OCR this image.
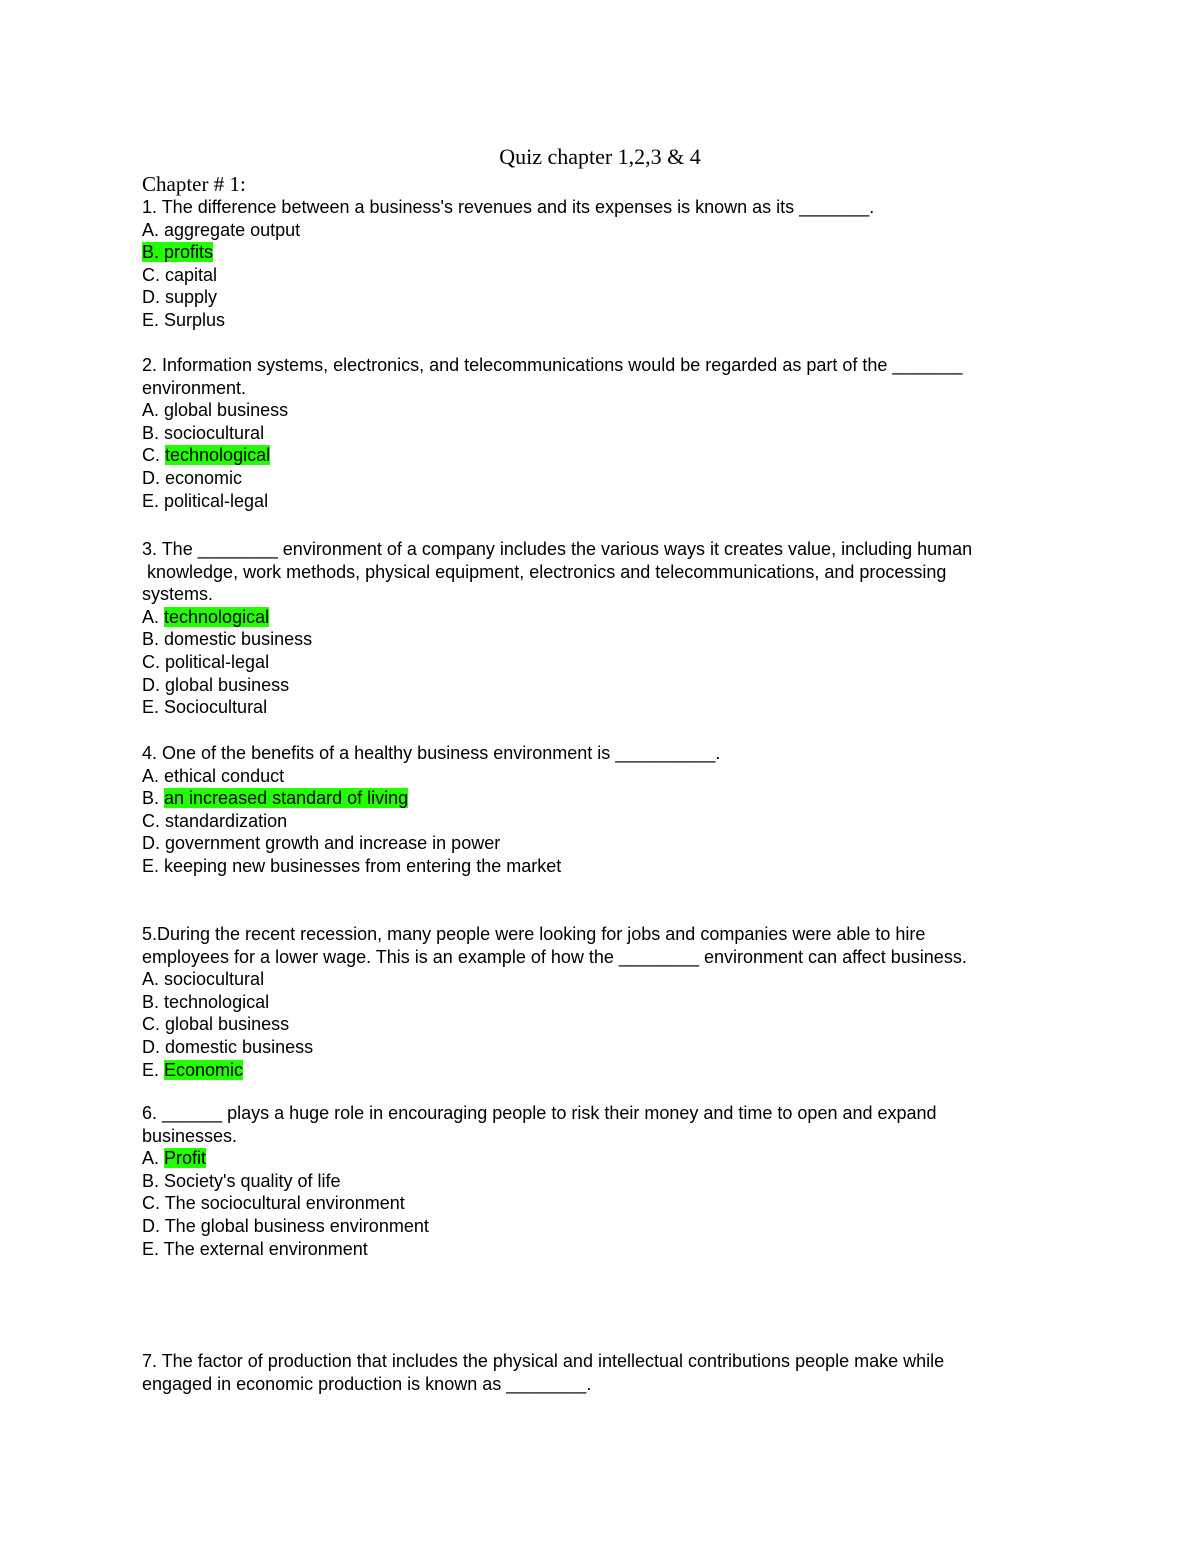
Quiz chapter 1,2,3 & 4
Chapter # 1:
1. The difference between a business's revenues and its expenses is known as its _______.
A. aggregate output
B. profits
C. capital
D. supply
E. Surplus
2. Information systems, electronics, and telecommunications would be regarded as part of the _______
environment.
A. global business
B. sociocultural
C. technological
D. economic
E. political-legal
3. The ________ environment of a company includes the various ways it creates value, including human
knowledge, work methods, physical equipment, electronics and telecommunications, and processing
systems.
A. technological
B. domestic business
C. political-legal
D. global business
E. Sociocultural
4. One of the benefits of a healthy business environment is __________.
A. ethical conduct
B. an increased standard of living
C. standardization
D. government growth and increase in power
E. keeping new businesses from entering the market
5.During the recent recession, many people were looking for jobs and companies were able to hire
employees for a lower wage. This is an example of how the ________ environment can affect business.
A. sociocultural
B. technological
C. global business
D. domestic business
E. Economic
6. ______ plays a huge role in encouraging people to risk their money and time to open and expand
businesses.
A. Profit
B. Society's quality of life
C. The sociocultural environment
D. The global business environment
E. The external environment
7. The factor of production that includes the physical and intellectual contributions people make while
engaged in economic production is known as ________.
